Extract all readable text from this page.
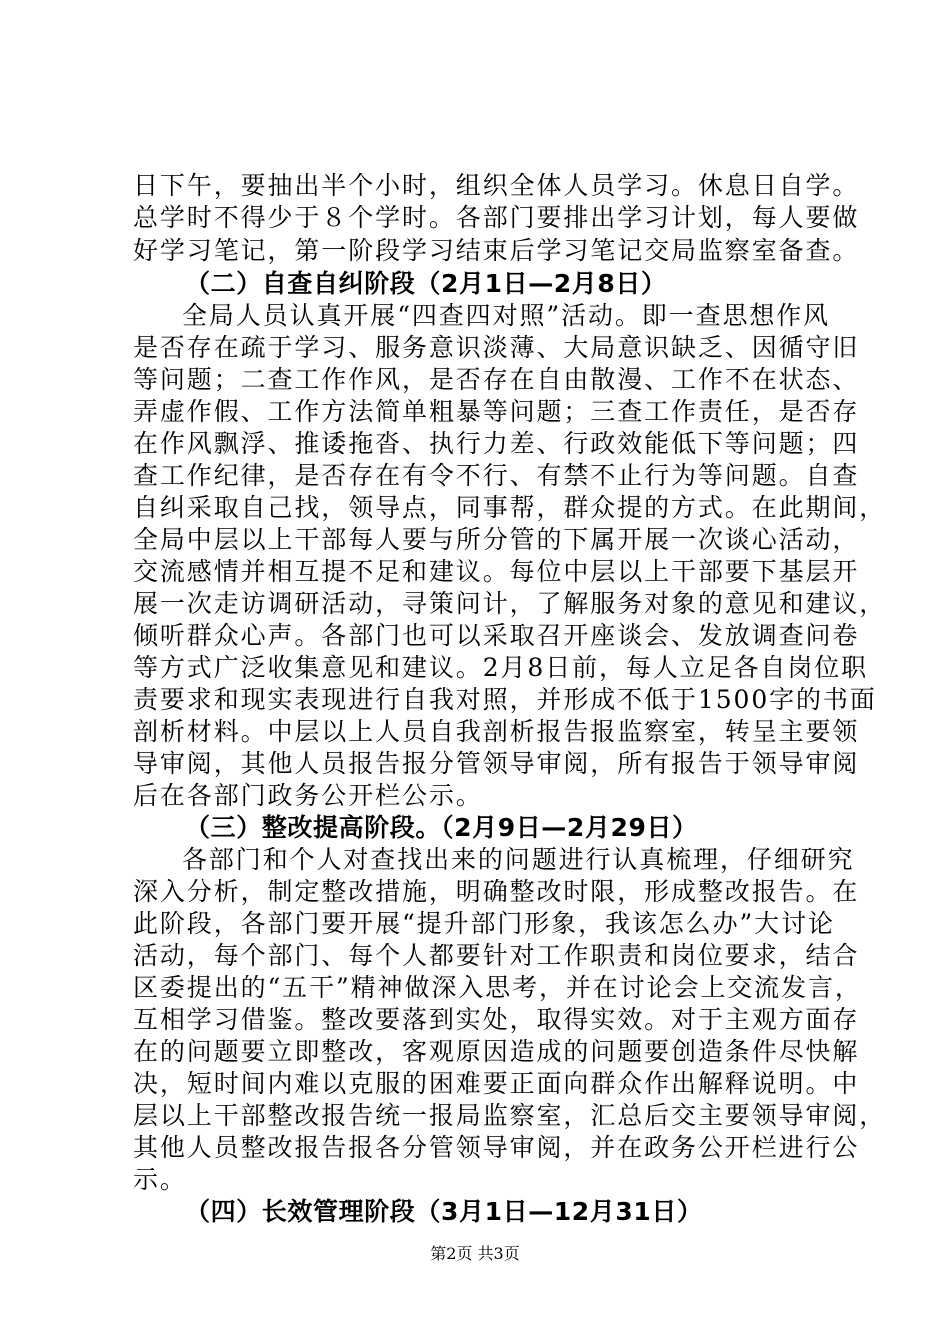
日下午，要抽出半个小时，组织全体人员学习。休息日自学。
总学时不得少于８个学时。各部门要排出学习计划，每人要做
好学习笔记，第一阶段学习结束后学习笔记交局监察室备查。
（二）自查自纠阶段（2月1日—2月8日）
全局人员认真开展“四查四对照”活动。即一查思想作风
是否存在疏于学习、服务意识淡薄、大局意识缺乏、因循守旧
等问题；二查工作作风，是否存在自由散漫、工作不在状态、
弄虚作假、工作方法简单粗暴等问题；三查工作责任，是否存
在作风飘浮、推诿拖沓、执行力差、行政效能低下等问题；四
查工作纪律，是否存在有令不行、有禁不止行为等问题。自查
自纠采取自己找，领导点，同事帮，群众提的方式。在此期间，
全局中层以上干部每人要与所分管的下属开展一次谈心活动，
交流感情并相互提不足和建议。每位中层以上干部要下基层开
展一次走访调研活动，寻策问计，了解服务对象的意见和建议，
倾听群众心声。各部门也可以采取召开座谈会、发放调查问卷
等方式广泛收集意见和建议。2月8日前，每人立足各自岗位职
责要求和现实表现进行自我对照，并形成不低于1500字的书面
剖析材料。中层以上人员自我剖析报告报监察室，转呈主要领
导审阅，其他人员报告报分管领导审阅，所有报告于领导审阅
后在各部门政务公开栏公示。
（三）整改提高阶段。（2月9日—2月29日）
各部门和个人对查找出来的问题进行认真梳理，仔细研究
深入分析，制定整改措施，明确整改时限，形成整改报告。在
此阶段，各部门要开展“提升部门形象，我该怎么办”大讨论
活动，每个部门、每个人都要针对工作职责和岗位要求，结合
区委提出的“五干”精神做深入思考，并在讨论会上交流发言，
互相学习借鉴。整改要落到实处，取得实效。对于主观方面存
在的问题要立即整改，客观原因造成的问题要创造条件尽快解
决，短时间内难以克服的困难要正面向群众作出解释说明。中
层以上干部整改报告统一报局监察室，汇总后交主要领导审阅，
其他人员整改报告报各分管领导审阅，并在政务公开栏进行公
示。
（四）长效管理阶段（3月1日—12月31日）
第2页 共3页
